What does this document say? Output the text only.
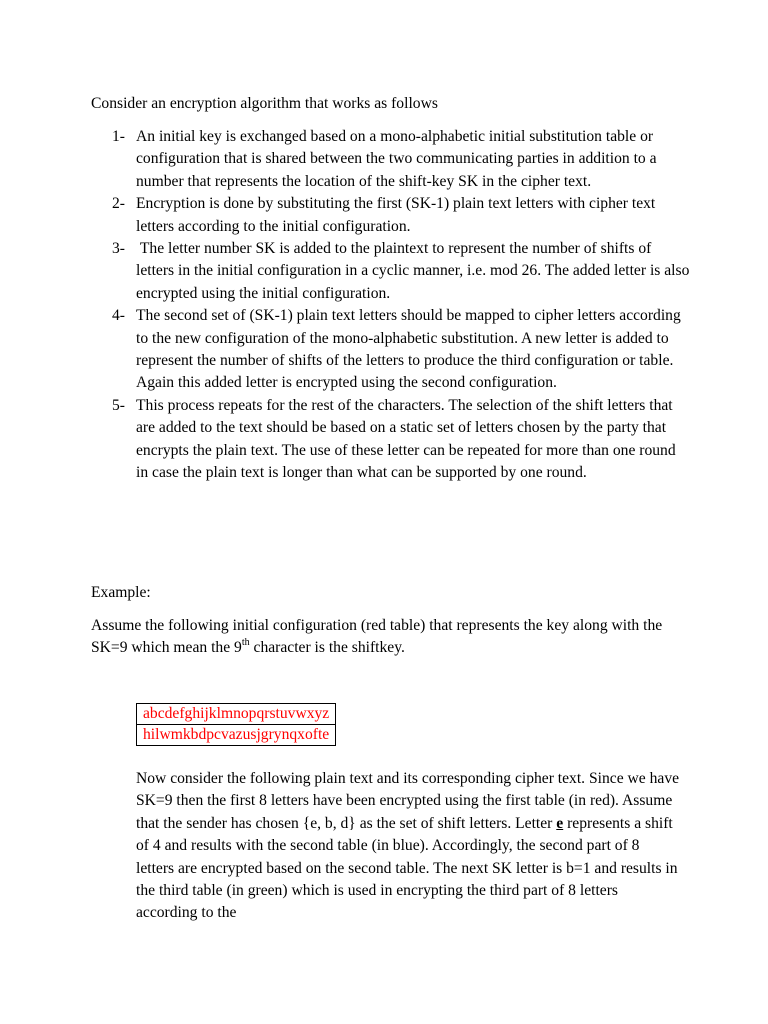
Consider an encryption algorithm that works as follows

1- An initial key is exchanged based on a mono-alphabetic initial substitution table or configuration that is shared between the two communicating parties in addition to a number that represents the location of the shift-key SK in the cipher text.
2- Encryption is done by substituting the first (SK-1) plain text letters with cipher text letters according to the initial configuration.
3- The letter number SK is added to the plaintext to represent the number of shifts of letters in the initial configuration in a cyclic manner, i.e. mod 26. The added letter is also encrypted using the initial configuration.
4- The second set of (SK-1) plain text letters should be mapped to cipher letters according to the new configuration of the mono-alphabetic substitution. A new letter is added to represent the number of shifts of the letters to produce the third configuration or table. Again this added letter is encrypted using the second configuration.
5- This process repeats for the rest of the characters. The selection of the shift letters that are added to the text should be based on a static set of letters chosen by the party that encrypts the plain text. The use of these letter can be repeated for more than one round in case the plain text is longer than what can be supported by one round.

Example:

Assume the following initial configuration (red table) that represents the key along with the SK=9 which mean the 9th character is the shiftkey.

abcdefghijklmnopqrstuvwxyz
hilwmkbdpcvazusjgrynqxofte

Now consider the following plain text and its corresponding cipher text. Since we have SK=9 then the first 8 letters have been encrypted using the first table (in red). Assume that the sender has chosen {e, b, d} as the set of shift letters. Letter e represents a shift of 4 and results with the second table (in blue). Accordingly, the second part of 8 letters are encrypted based on the second table. The next SK letter is b=1 and results in the third table (in green) which is used in encrypting the third part of 8 letters according to the
